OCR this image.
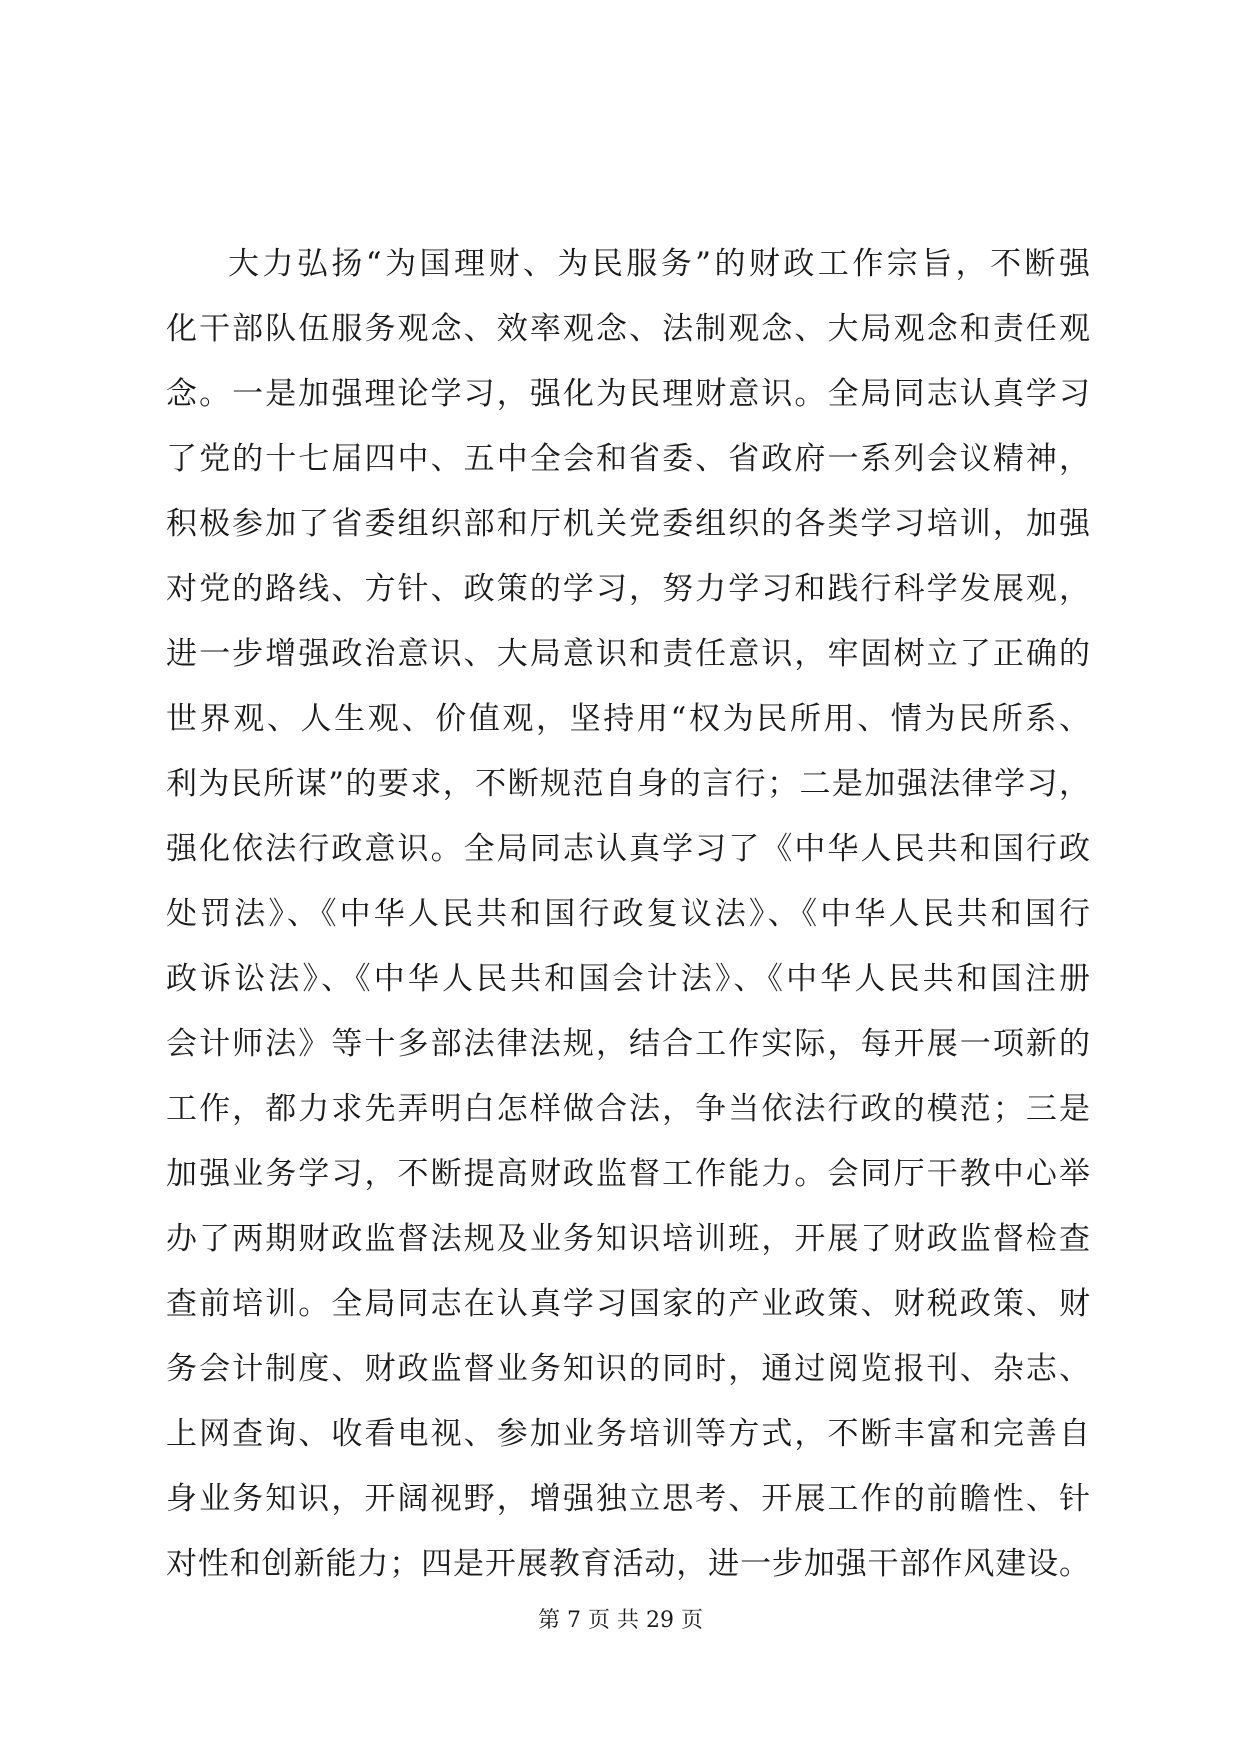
大力弘扬“为国理财、为民服务”的财政工作宗旨，不断强
化干部队伍服务观念、效率观念、法制观念、大局观念和责任观
念。一是加强理论学习，强化为民理财意识。全局同志认真学习
了党的十七届四中、五中全会和省委、省政府一系列会议精神，
积极参加了省委组织部和厅机关党委组织的各类学习培训，加强
对党的路线、方针、政策的学习，努力学习和践行科学发展观，
进一步增强政治意识、大局意识和责任意识，牢固树立了正确的
世界观、人生观、价值观，坚持用“权为民所用、情为民所系、
利为民所谋”的要求，不断规范自身的言行；二是加强法律学习，
强化依法行政意识。全局同志认真学习了《中华人民共和国行政
处罚法》、《中华人民共和国行政复议法》、《中华人民共和国行
政诉讼法》、《中华人民共和国会计法》、《中华人民共和国注册
会计师法》等十多部法律法规，结合工作实际，每开展一项新的
工作，都力求先弄明白怎样做合法，争当依法行政的模范；三是
加强业务学习，不断提高财政监督工作能力。会同厅干教中心举
办了两期财政监督法规及业务知识培训班，开展了财政监督检查
查前培训。全局同志在认真学习国家的产业政策、财税政策、财
务会计制度、财政监督业务知识的同时，通过阅览报刊、杂志、
上网查询、收看电视、参加业务培训等方式，不断丰富和完善自
身业务知识，开阔视野，增强独立思考、开展工作的前瞻性、针
对性和创新能力；四是开展教育活动，进一步加强干部作风建设。
第 7 页 共 29 页
